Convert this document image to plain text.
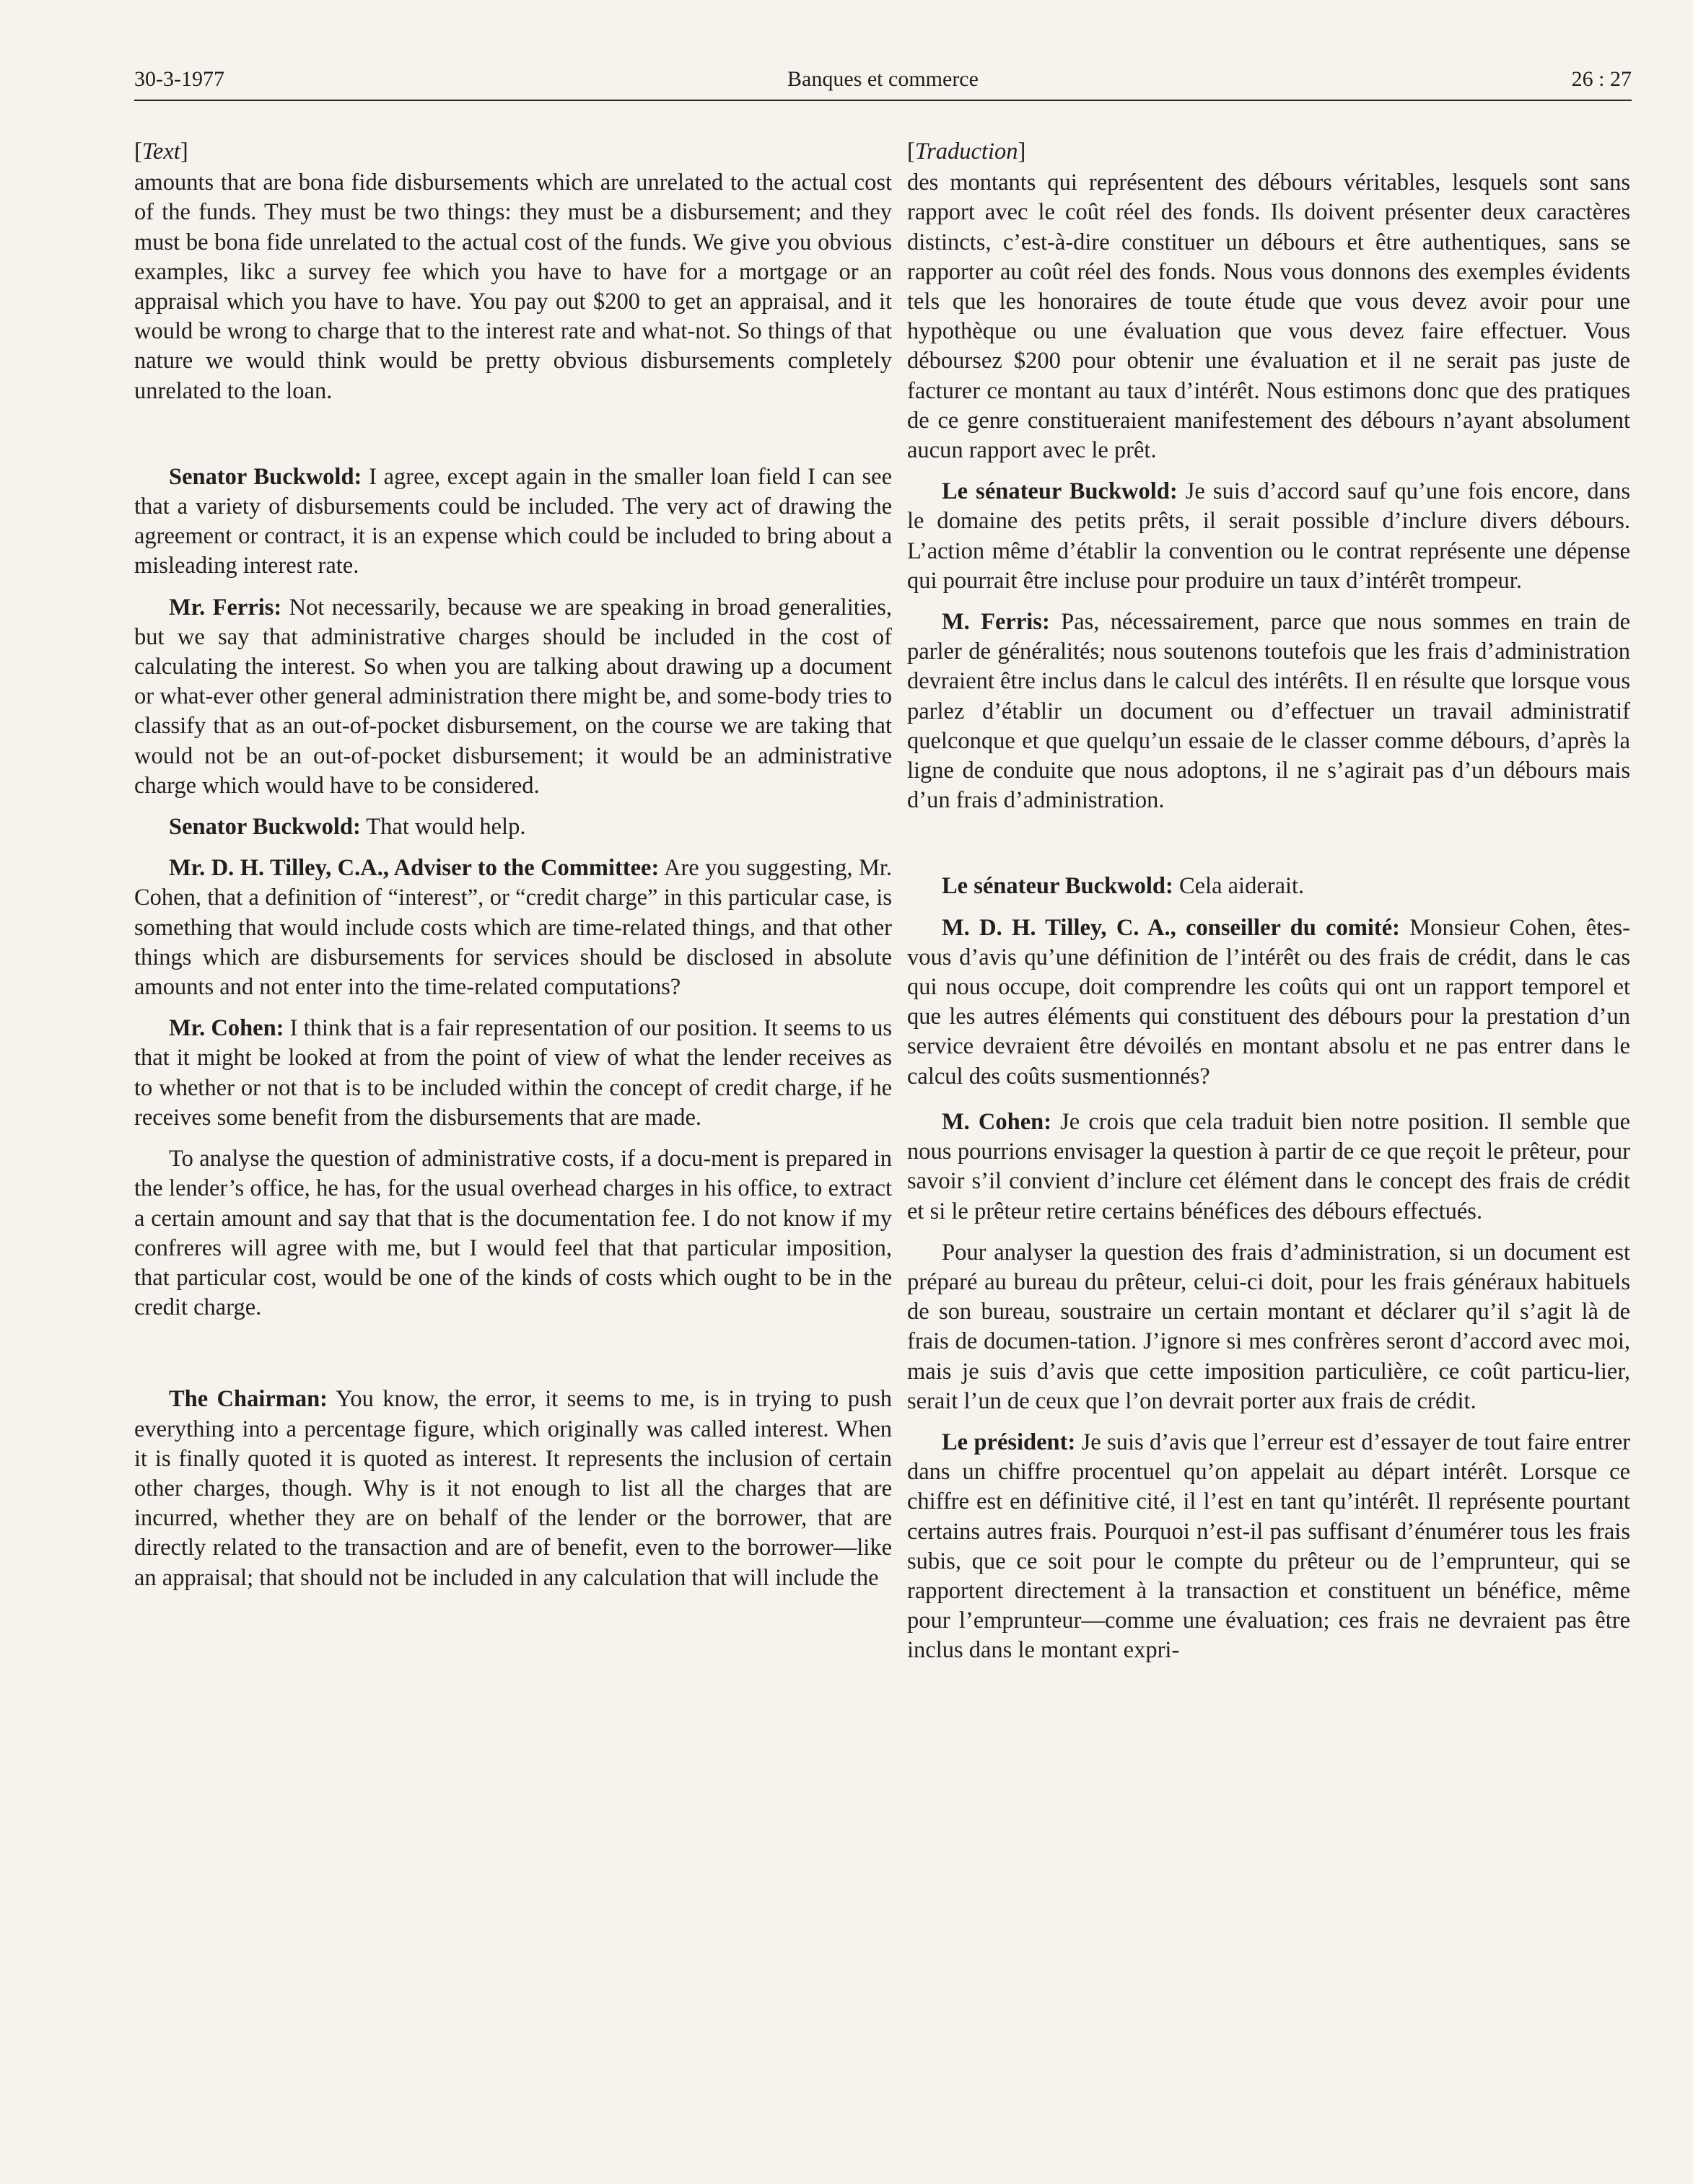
30-3-1977	Banques et commerce	26 : 27

[Text]

amounts that are bona fide disbursements which are unrelated to the actual cost of the funds. They must be two things: they must be a disbursement; and they must be bona fide unrelated to the actual cost of the funds. We give you obvious examples, likc a survey fee which you have to have for a mortgage or an appraisal which you have to have. You pay out $200 to get an appraisal, and it would be wrong to charge that to the interest rate and what-not. So things of that nature we would think would be pretty obvious disbursements completely unrelated to the loan.

Senator Buckwold: I agree, except again in the smaller loan field I can see that a variety of disbursements could be included. The very act of drawing the agreement or contract, it is an expense which could be included to bring about a misleading interest rate.

Mr. Ferris: Not necessarily, because we are speaking in broad generalities, but we say that administrative charges should be included in the cost of calculating the interest. So when you are talking about drawing up a document or what-ever other general administration there might be, and some-body tries to classify that as an out-of-pocket disbursement, on the course we are taking that would not be an out-of-pocket disbursement; it would be an administrative charge which would have to be considered.

Senator Buckwold: That would help.

Mr. D. H. Tilley, C.A., Adviser to the Committee: Are you suggesting, Mr. Cohen, that a definition of “interest”, or “credit charge” in this particular case, is something that would include costs which are time-related things, and that other things which are disbursements for services should be disclosed in absolute amounts and not enter into the time-related computations?

Mr. Cohen: I think that is a fair representation of our position. It seems to us that it might be looked at from the point of view of what the lender receives as to whether or not that is to be included within the concept of credit charge, if he receives some benefit from the disbursements that are made.

To analyse the question of administrative costs, if a docu-ment is prepared in the lender’s office, he has, for the usual overhead charges in his office, to extract a certain amount and say that that is the documentation fee. I do not know if my confreres will agree with me, but I would feel that that particular imposition, that particular cost, would be one of the kinds of costs which ought to be in the credit charge.

The Chairman: You know, the error, it seems to me, is in trying to push everything into a percentage figure, which originally was called interest. When it is finally quoted it is quoted as interest. It represents the inclusion of certain other charges, though. Why is it not enough to list all the charges that are incurred, whether they are on behalf of the lender or the borrower, that are directly related to the transaction and are of benefit, even to the borrower—like an appraisal; that should not be included in any calculation that will include the

[Traduction]

des montants qui représentent des débours véritables, lesquels sont sans rapport avec le coût réel des fonds. Ils doivent présenter deux caractères distincts, c’est-à-dire constituer un débours et être authentiques, sans se rapporter au coût réel des fonds. Nous vous donnons des exemples évidents tels que les honoraires de toute étude que vous devez avoir pour une hypothèque ou une évaluation que vous devez faire effectuer. Vous déboursez $200 pour obtenir une évaluation et il ne serait pas juste de facturer ce montant au taux d’intérêt. Nous estimons donc que des pratiques de ce genre constitueraient manifestement des débours n’ayant absolument aucun rapport avec le prêt.

Le sénateur Buckwold: Je suis d’accord sauf qu’une fois encore, dans le domaine des petits prêts, il serait possible d’inclure divers débours. L’action même d’établir la convention ou le contrat représente une dépense qui pourrait être incluse pour produire un taux d’intérêt trompeur.

M. Ferris: Pas, nécessairement, parce que nous sommes en train de parler de généralités; nous soutenons toutefois que les frais d’administration devraient être inclus dans le calcul des intérêts. Il en résulte que lorsque vous parlez d’établir un document ou d’effectuer un travail administratif quelconque et que quelqu’un essaie de le classer comme débours, d’après la ligne de conduite que nous adoptons, il ne s’agirait pas d’un débours mais d’un frais d’administration.

Le sénateur Buckwold: Cela aiderait.

M. D. H. Tilley, C. A., conseiller du comité: Monsieur Cohen, êtes-vous d’avis qu’une définition de l’intérêt ou des frais de crédit, dans le cas qui nous occupe, doit comprendre les coûts qui ont un rapport temporel et que les autres éléments qui constituent des débours pour la prestation d’un service devraient être dévoilés en montant absolu et ne pas entrer dans le calcul des coûts susmentionnés?

M. Cohen: Je crois que cela traduit bien notre position. Il semble que nous pourrions envisager la question à partir de ce que reçoit le prêteur, pour savoir s’il convient d’inclure cet élément dans le concept des frais de crédit et si le prêteur retire certains bénéfices des débours effectués.

Pour analyser la question des frais d’administration, si un document est préparé au bureau du prêteur, celui-ci doit, pour les frais généraux habituels de son bureau, soustraire un certain montant et déclarer qu’il s’agit là de frais de documen-tation. J’ignore si mes confrères seront d’accord avec moi, mais je suis d’avis que cette imposition particulière, ce coût particu-lier, serait l’un de ceux que l’on devrait porter aux frais de crédit.

Le président: Je suis d’avis que l’erreur est d’essayer de tout faire entrer dans un chiffre procentuel qu’on appelait au départ intérêt. Lorsque ce chiffre est en définitive cité, il l’est en tant qu’intérêt. Il représente pourtant certains autres frais. Pourquoi n’est-il pas suffisant d’énumérer tous les frais subis, que ce soit pour le compte du prêteur ou de l’emprunteur, qui se rapportent directement à la transaction et constituent un bénéfice, même pour l’emprunteur—comme une évaluation; ces frais ne devraient pas être inclus dans le montant expri-
